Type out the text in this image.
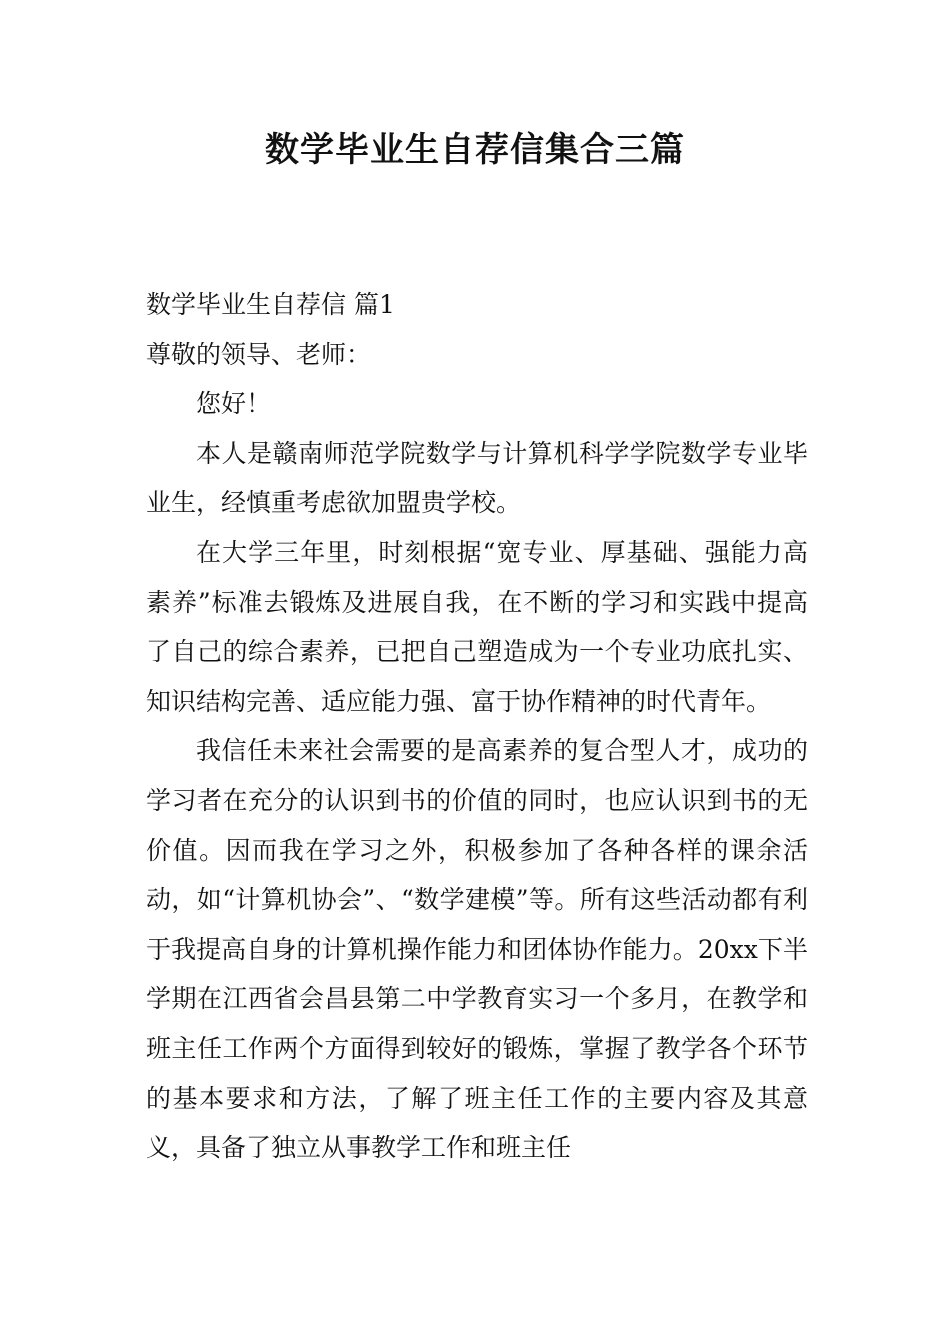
数学毕业生自荐信集合三篇

数学毕业生自荐信 篇1

尊敬的领导、老师：

您好！

本人是赣南师范学院数学与计算机科学学院数学专业毕业生，经慎重考虑欲加盟贵学校。

在大学三年里，时刻根据“宽专业、厚基础、强能力高素养”标准去锻炼及进展自我，在不断的学习和实践中提高了自己的综合素养，已把自己塑造成为一个专业功底扎实、知识结构完善、适应能力强、富于协作精神的时代青年。

我信任未来社会需要的是高素养的复合型人才，成功的学习者在充分的认识到书的价值的同时，也应认识到书的无价值。因而我在学习之外，积极参加了各种各样的课余活动，如“计算机协会”、“数学建模”等。所有这些活动都有利于我提高自身的计算机操作能力和团体协作能力。20xx下半学期在江西省会昌县第二中学教育实习一个多月，在教学和班主任工作两个方面得到较好的锻炼，掌握了教学各个环节的基本要求和方法，了解了班主任工作的主要内容及其意义，具备了独立从事教学工作和班主任
